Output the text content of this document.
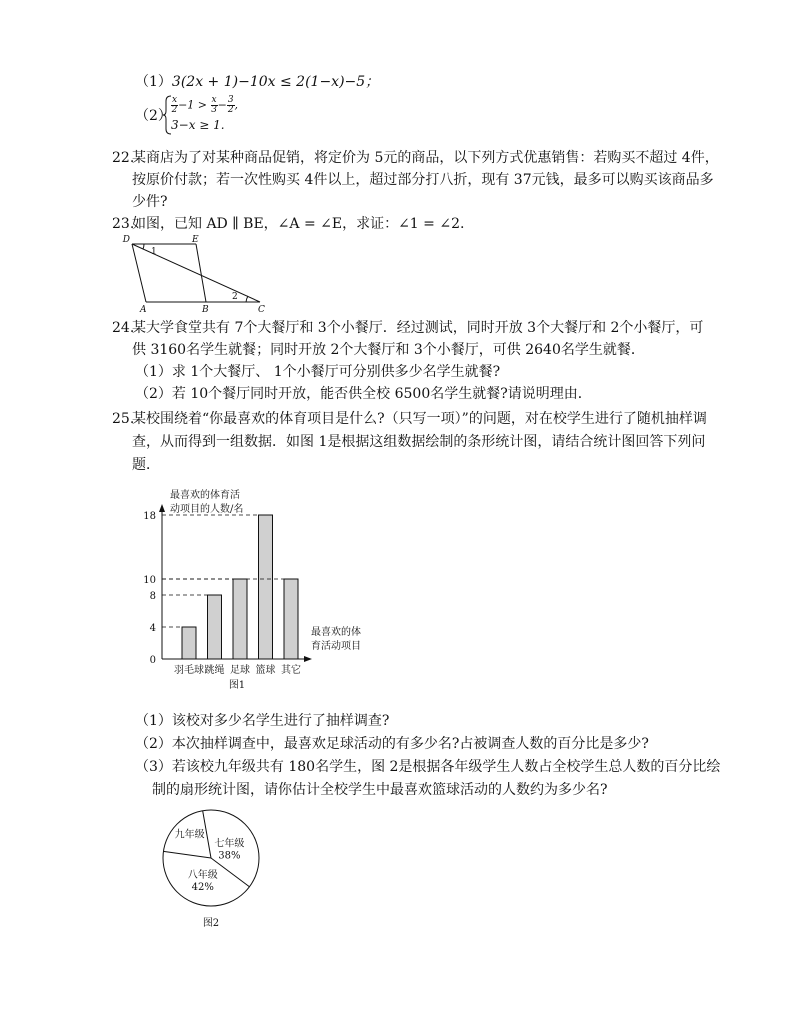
（1）3(2x + 1)−10x ≤ 2(1−x)−5；
（2）
$\frac{x}{2} -1 > \frac{x}{3} - \frac{3}{2}$ ,
3−x ≥ 1.
22.
某商店为了对某种商品促销，将定价为 5元的商品，以下列方式优惠销售：若购买不超过 4件，
按原价付款；若一次性购买 4件以上，超过部分打八折，现有 37元钱，最多可以购买该商品多
少件?
23.
如图，已知 AD ∥ BE，∠A = ∠E，求证：∠1 = ∠2.
D	E
A	B	C
1
2
24.
某大学食堂共有 7个大餐厅和 3个小餐厅．经过测试，同时开放 3个大餐厅和 2个小餐厅，可
供 3160名学生就餐；同时开放 2个大餐厅和 3个小餐厅，可供 2640名学生就餐．
（1）求 1个大餐厅、 1个小餐厅可分别供多少名学生就餐?
（2）若 10个餐厅同时开放，能否供全校 6500名学生就餐?请说明理由．
25.
某校围绕着“你最喜欢的体育项目是什么?（只写一项）”的问题，对在校学生进行了随机抽样调
查，从而得到一组数据．如图 1是根据这组数据绘制的条形统计图，请结合统计图回答下列问
题．
最喜欢的体育活
动项目的人数/名
最喜欢的体
育活动项目
图1
0
4
8
10
18
羽毛球 跳绳 足球 篮球 其它
（1）该校对多少名学生进行了抽样调查?
（2）本次抽样调查中，最喜欢足球活动的有多少名?占被调查人数的百分比是多少?
（3）若该校九年级共有 180名学生，图 2是根据各年级学生人数占全校学生总人数的百分比绘
制的扇形统计图，请你估计全校学生中最喜欢篮球活动的人数约为多少名?
九年级
七年级
38%
八年级
42%
图2
